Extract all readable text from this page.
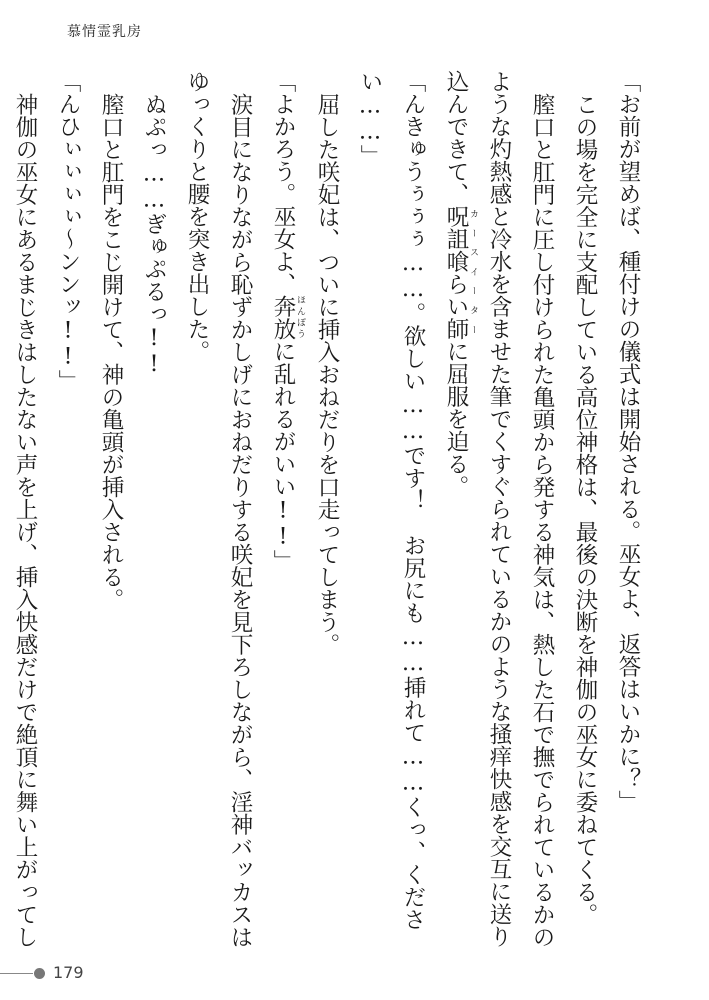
慕情霊乳房

「お前が望めば、種付けの儀式は開始される。巫女よ、返答はいかに？」

この場を完全に支配している高位神格は、最後の決断を神伽の巫女に委ねてくる。

膣口と肛門に圧し付けられた亀頭から発する神気は、熱した石で撫でられているかのような灼熱感と冷水を含ませた筆でくすぐられているかのような掻痒快感を交互に送り込んできて、呪詛喰らい師 カースイーターに屈服を迫る。

「んきゅうぅぅぅ……。欲しい……です！　お尻にも……挿れて……くっ、ください……」

屈した咲妃は、ついに挿入おねだりを口走ってしまう。

「よかろう。巫女よ、奔放 ほんぽうに乱れるがいい!!」

涙目になりながら恥ずかしげにおねだりする咲妃を見下ろしながら、淫神バッカスはゆっくりと腰を突き出した。

ぬぷっ……ぎゅぷるっ!!

膣口と肛門をこじ開けて、神の亀頭が挿入される。

「んひぃぃぃぃ〜ンンッ!!」

神伽の巫女にあるまじきはしたない声を上げ、挿入快感だけで絶頂に舞い上がってし

179
